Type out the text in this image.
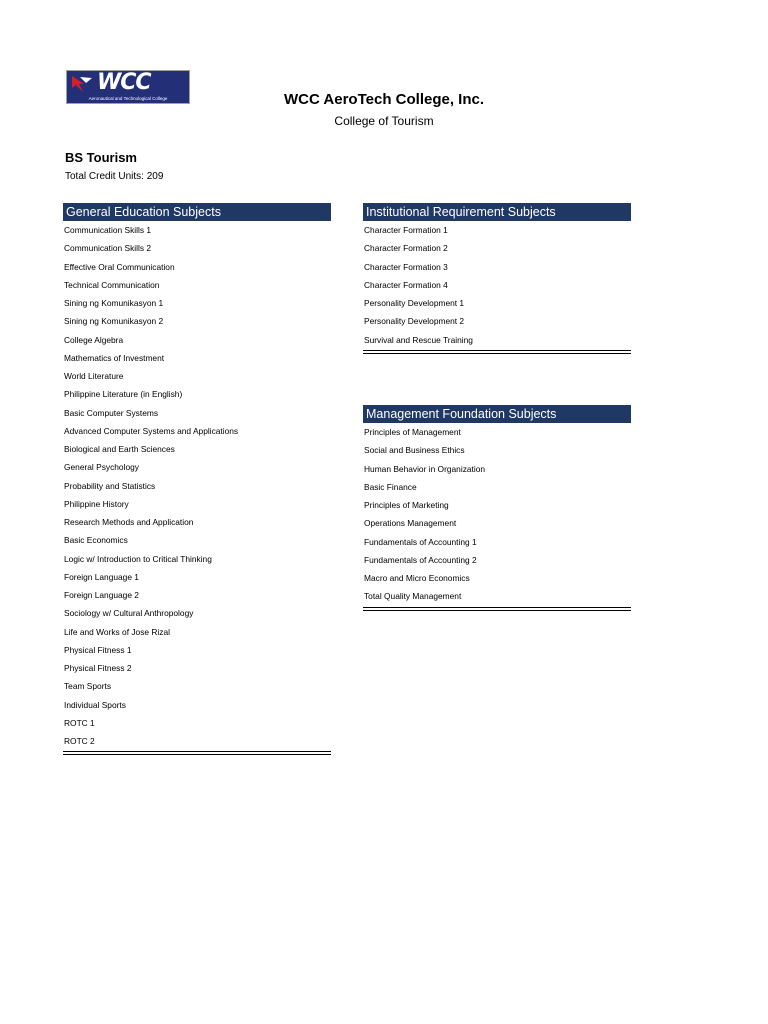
WCC
Aeronautical and Technological College	WCC AeroTech College, Inc.
College of Tourism
BS Tourism
Total Credit Units: 209
General Education Subjects
Communication Skills 1
Communication Skills 2
Effective Oral Communication
Technical Communication
Sining ng Komunikasyon 1
Sining ng Komunikasyon 2
College Algebra
Mathematics of Investment
World Literature
Philippine Literature (in English)
Basic Computer Systems
Advanced Computer Systems and Applications
Biological and Earth Sciences
General Psychology
Probability and Statistics
Philippine History
Research Methods and Application
Basic Economics
Logic w/ Introduction to Critical Thinking
Foreign Language 1
Foreign Language 2
Sociology w/ Cultural Anthropology
Life and Works of Jose Rizal
Physical Fitness 1
Physical Fitness 2
Team Sports
Individual Sports
ROTC 1
ROTC 2
Institutional Requirement Subjects
Character Formation 1
Character Formation 2
Character Formation 3
Character Formation 4
Personality Development 1
Personality Development 2
Survival and Rescue Training
Management Foundation Subjects
Principles of Management
Social and Business Ethics
Human Behavior in Organization
Basic Finance
Principles of Marketing
Operations Management
Fundamentals of Accounting 1
Fundamentals of Accounting 2
Macro and Micro Economics
Total Quality Management
